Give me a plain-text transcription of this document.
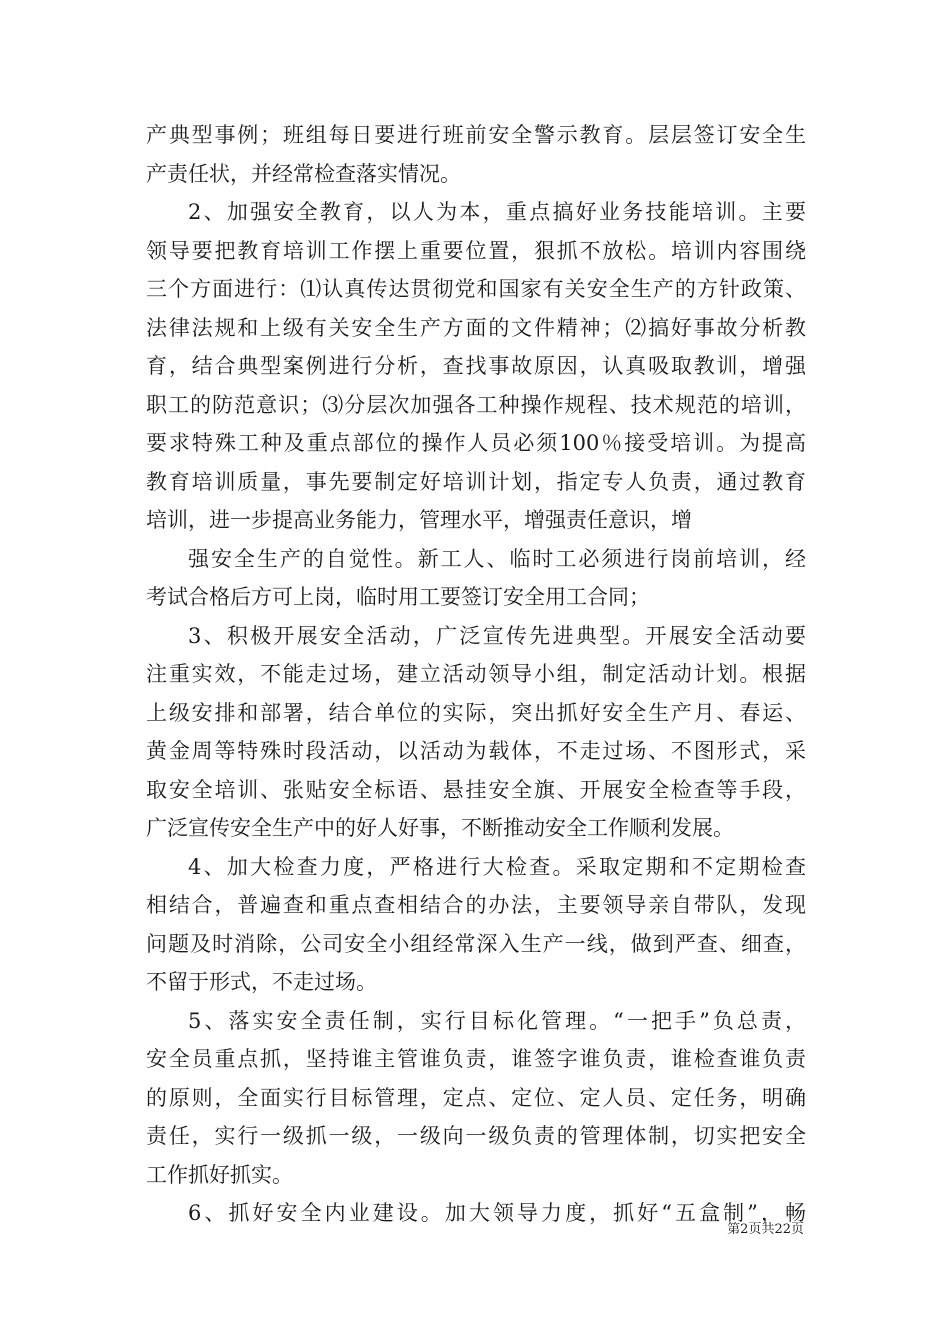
产典型事例；班组每日要进行班前安全警示教育。层层签订安全生
产责任状，并经常检查落实情况。
2、加强安全教育，以人为本，重点搞好业务技能培训。主要
领导要把教育培训工作摆上重要位置，狠抓不放松。培训内容围绕
三个方面进行：⑴认真传达贯彻党和国家有关安全生产的方针政策、
法律法规和上级有关安全生产方面的文件精神；⑵搞好事故分析教
育，结合典型案例进行分析，查找事故原因，认真吸取教训，增强
职工的防范意识；⑶分层次加强各工种操作规程、技术规范的培训，
要求特殊工种及重点部位的操作人员必须100％接受培训。为提高
教育培训质量，事先要制定好培训计划，指定专人负责，通过教育
培训，进一步提高业务能力，管理水平，增强责任意识，增
强安全生产的自觉性。新工人、临时工必须进行岗前培训，经
考试合格后方可上岗，临时用工要签订安全用工合同；
3、积极开展安全活动，广泛宣传先进典型。开展安全活动要
注重实效，不能走过场，建立活动领导小组，制定活动计划。根据
上级安排和部署，结合单位的实际，突出抓好安全生产月、春运、
黄金周等特殊时段活动，以活动为载体，不走过场、不图形式，采
取安全培训、张贴安全标语、悬挂安全旗、开展安全检查等手段，
广泛宣传安全生产中的好人好事，不断推动安全工作顺利发展。
4、加大检查力度，严格进行大检查。采取定期和不定期检查
相结合，普遍查和重点查相结合的办法，主要领导亲自带队，发现
问题及时消除，公司安全小组经常深入生产一线，做到严查、细查，
不留于形式，不走过场。
5、落实安全责任制，实行目标化管理。“一把手”负总责，
安全员重点抓，坚持谁主管谁负责，谁签字谁负责，谁检查谁负责
的原则，全面实行目标管理，定点、定位、定人员、定任务，明确
责任，实行一级抓一级，一级向一级负责的管理体制，切实把安全
工作抓好抓实。
6、抓好安全内业建设。加大领导力度，抓好“五盒制”，畅
第2页共22页
